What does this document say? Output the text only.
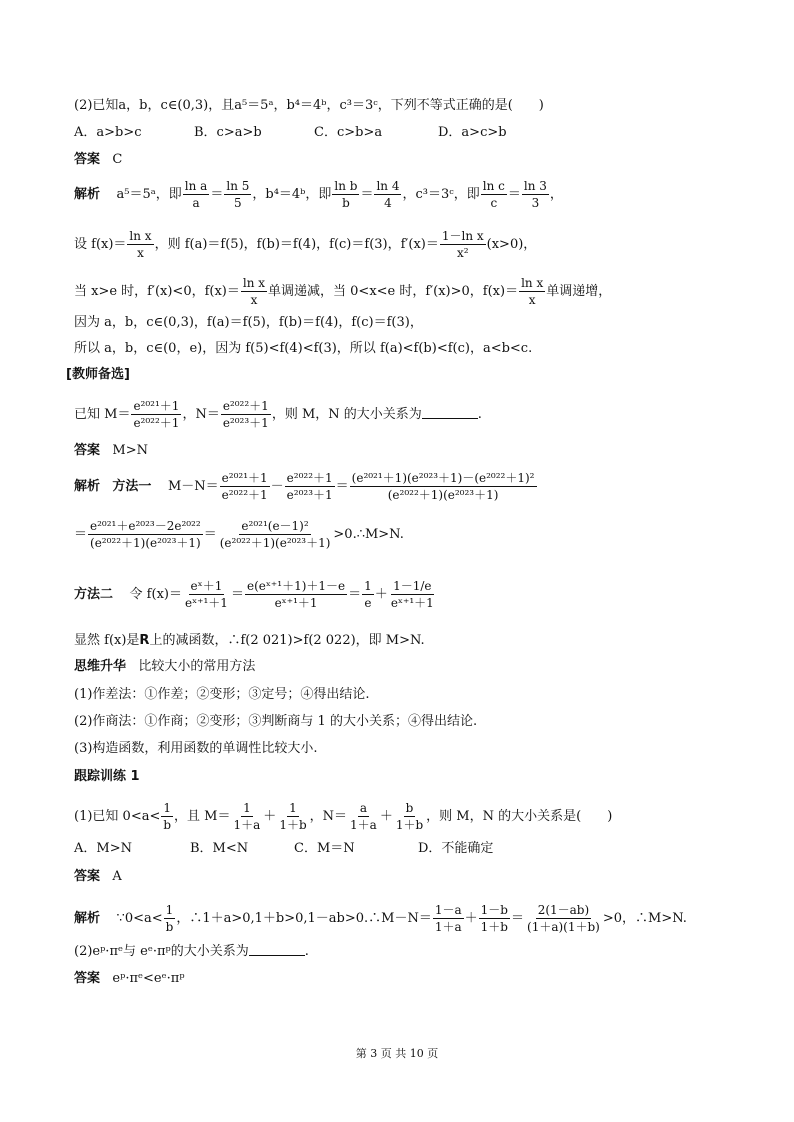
(2)已知a，b，c∈(0,3)，且a⁵＝5ᵃ，b⁴＝4ᵇ，c³＝3ᶜ，下列不等式正确的是(　　)
A．a>b>c	B．c>a>b	C．c>b>a	D．a>c>b
答案 C
解析 a⁵＝5ᵃ，即 $\frac{\text{ln a}}{a} = \frac{\ln 5}{5}$ ，b⁴＝4ᵇ，即 $\frac{\text{ln b}}{b} = \frac{\ln 4}{4}$ ，c³＝3ᶜ，即 $\frac{\text{ln c}}{c} = \frac{\ln 3}{3}$ ，
设 $f(x)= \frac{\text{ln x}}{x}$ ，则 f(a)＝f(5)，f(b)＝f(4)，f(c)＝f(3)，$f'(x)= \frac{\text{1－ln x}}{\text{x²}} (x>0)$，
当 x>e 时，f′(x)<0，$f(x)= \frac{\text{ln x}}{x}$ 单调递减，当 0<x<e 时，f′(x)>0，$f(x)= \frac{\text{ln x}}{x}$ 单调递增，
因为 a，b，c∈(0,3)，f(a)＝f(5)，f(b)＝f(4)，f(c)＝f(3)，
所以 a，b，c∈(0，e)，因为 f(5)<f(4)<f(3)，所以 f(a)<f(b)<f(c)，a<b<c.
[教师备选]
已知 $M= \frac{\text{e²⁰²¹＋1}}{\text{e²⁰²²＋1}}$ ，$N= \frac{\text{e²⁰²²＋1}}{\text{e²⁰²³＋1}}$ ，则 M，N 的大小关系为	.
答案 M>N
解析 方法一 $M-N= \frac{\text{e²⁰²¹＋1}}{\text{e²⁰²²＋1}} - \frac{\text{e²⁰²²＋1}}{\text{e²⁰²³＋1}} = \frac{\text{(e²⁰²¹＋1)(e²⁰²³＋1)－(e²⁰²²＋1)²}}{\text{(e²⁰²²＋1)(e²⁰²³＋1)}}$
＝ $\frac{\text{e²⁰²¹＋e²⁰²³－2e²⁰²²}}{\text{(e²⁰²²＋1)(e²⁰²³＋1)}} = \frac{\text{e²⁰²¹(e－1)²}}{\text{(e²⁰²²＋1)(e²⁰²³＋1)}}$ >0.∴M>N.
方法二 令 $f(x)= \frac{\text{eˣ＋1}}{\text{eˣ⁺¹＋1}} = \frac{\text{e(eˣ⁺¹＋1)＋1－e}}{\text{eˣ⁺¹＋1}} = \frac{1}{e} + \frac{1-1/e}{\text{eˣ⁺¹＋1}}$
显然 f(x)是R上的减函数，∴f(2 021)>f(2 022)，即 M>N.
思维升华 比较大小的常用方法
(1)作差法：①作差；②变形；③定号；④得出结论.
(2)作商法：①作商；②变形；③判断商与 1 的大小关系；④得出结论.
(3)构造函数，利用函数的单调性比较大小.
跟踪训练 1
(1)已知 $0<a< \frac{1}{b}$ ，且 $M= \frac{1}{1+a} + \frac{1}{1+b}$ ，$N= \frac{a}{1+a} + \frac{b}{1+b}$ ，则 M，N 的大小关系是(　　)
A．M>N	B．M<N	C．M＝N	D．不能确定
答案 A
解析 ∵0<a< $\frac{1}{b}$ ，∴1＋a>0,1＋b>0,1－ab>0.∴M－N＝ $\frac{1-a}{1+a} + \frac{1-b}{1+b} = \frac{2(1-ab)}{(1+a)(1+b)} >0$，∴M>N.
(2)eᵖ·πᵉ与 eᵉ·πᵖ的大小关系为	.
答案 eᵖ·πᵉ<eᵉ·πᵖ
第 3 页 共 10 页
